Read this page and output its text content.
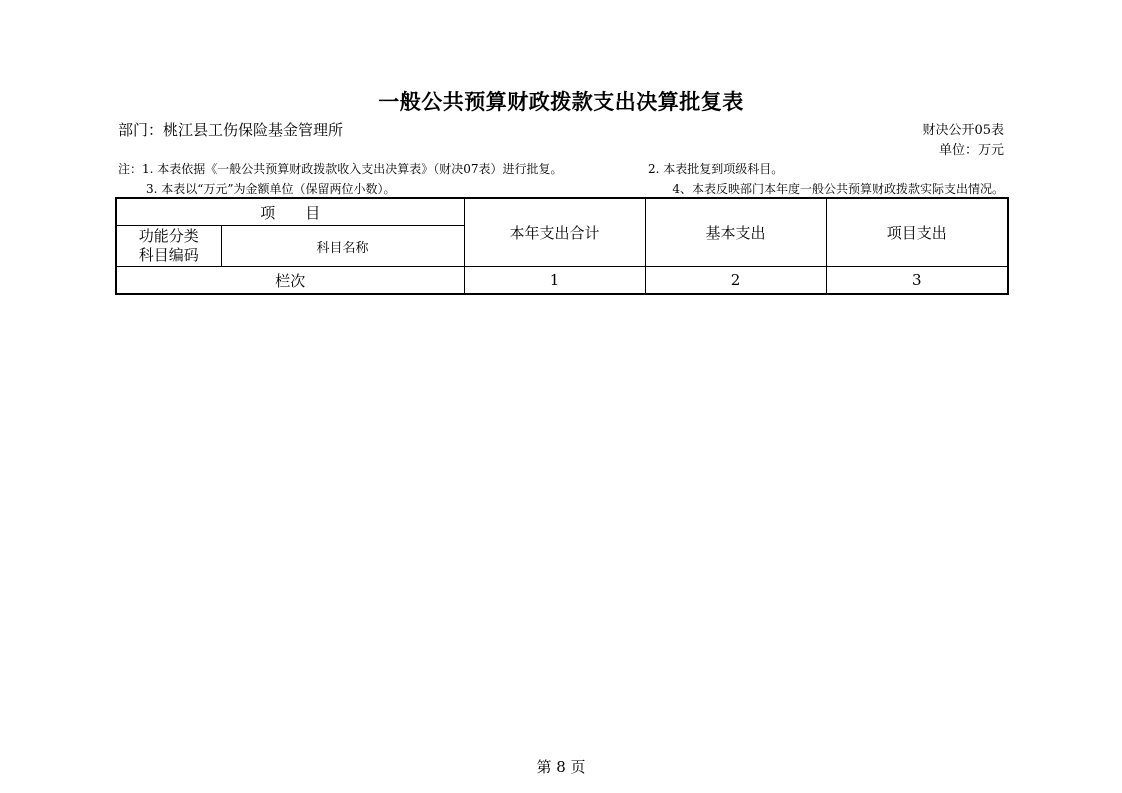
一般公共预算财政拨款支出决算批复表
部门：桃江县工伤保险基金管理所	财决公开05表
单位：万元
注：1. 本表依据《一般公共预算财政拨款收入支出决算表》（财决07表）进行批复。	2. 本表批复到项级科目。
3. 本表以“万元”为金额单位（保留两位小数）。	4、本表反映部门本年度一般公共预算财政拨款实际支出情况。
项　　目		本年支出合计	基本支出	项目支出

功能分类
科目编码	科目名称			
栏次		1	2	3
第 8 页
